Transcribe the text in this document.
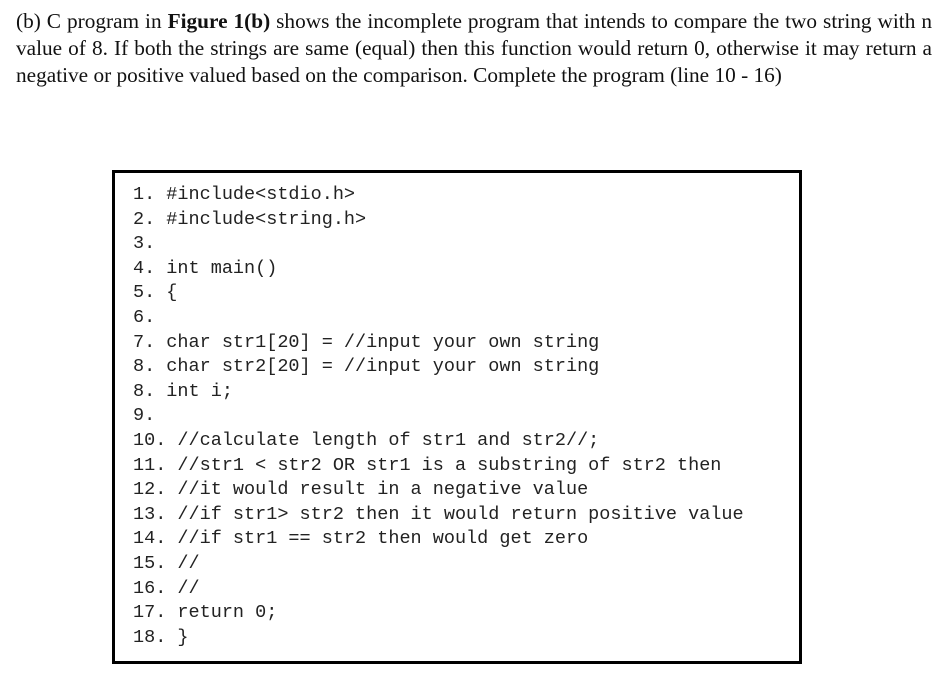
(b) C program in Figure 1(b) shows the incomplete program that intends to compare the two string with n value of 8. If both the strings are same (equal) then this function would return 0, otherwise it may return a negative or positive valued based on the comparison. Complete the program (line 10 - 16)
1. #include<stdio.h>
2. #include<string.h>
3.
4. int main()
5. {
6.
7. char str1[20] = //input your own string
8. char str2[20] = //input your own string
8. int i;
9.
10. //calculate length of str1 and str2//;
11. //str1 < str2 OR str1 is a substring of str2 then
12. //it would result in a negative value
13. //if str1> str2 then it would return positive value
14. //if str1 == str2 then would get zero
15. //
16. //
17. return 0;
18. }
